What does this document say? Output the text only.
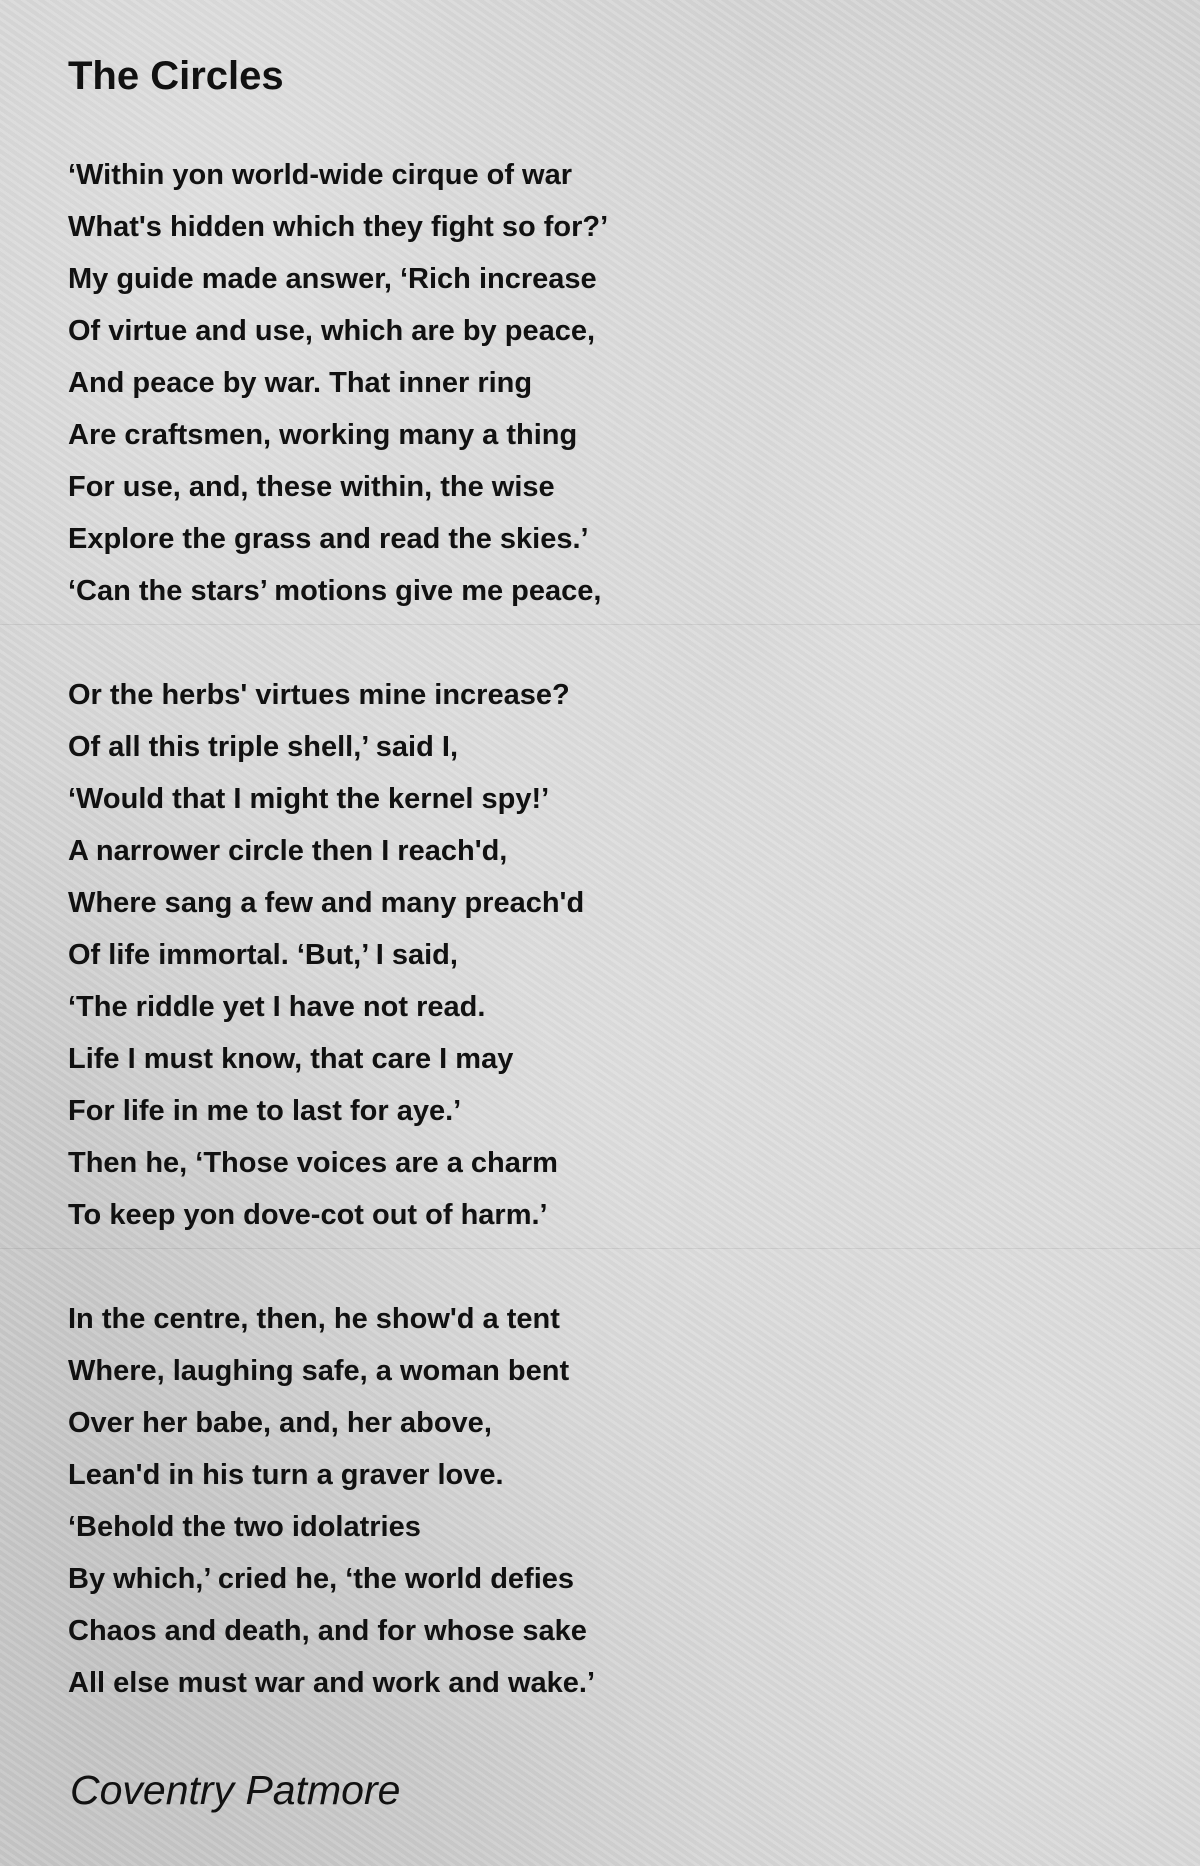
The Circles
‘Within yon world-wide cirque of war
What's hidden which they fight so for?’
My guide made answer, ‘Rich increase
Of virtue and use, which are by peace,
And peace by war. That inner ring
Are craftsmen, working many a thing
For use, and, these within, the wise
Explore the grass and read the skies.’
‘Can the stars’ motions give me peace,
Or the herbs' virtues mine increase?
Of all this triple shell,’ said I,
‘Would that I might the kernel spy!’
A narrower circle then I reach'd,
Where sang a few and many preach'd
Of life immortal. ‘But,’ I said,
‘The riddle yet I have not read.
Life I must know, that care I may
For life in me to last for aye.’
Then he, ‘Those voices are a charm
To keep yon dove-cot out of harm.’
In the centre, then, he show'd a tent
Where, laughing safe, a woman bent
Over her babe, and, her above,
Lean'd in his turn a graver love.
‘Behold the two idolatries
By which,’ cried he, ‘the world defies
Chaos and death, and for whose sake
All else must war and work and wake.’
Coventry Patmore
